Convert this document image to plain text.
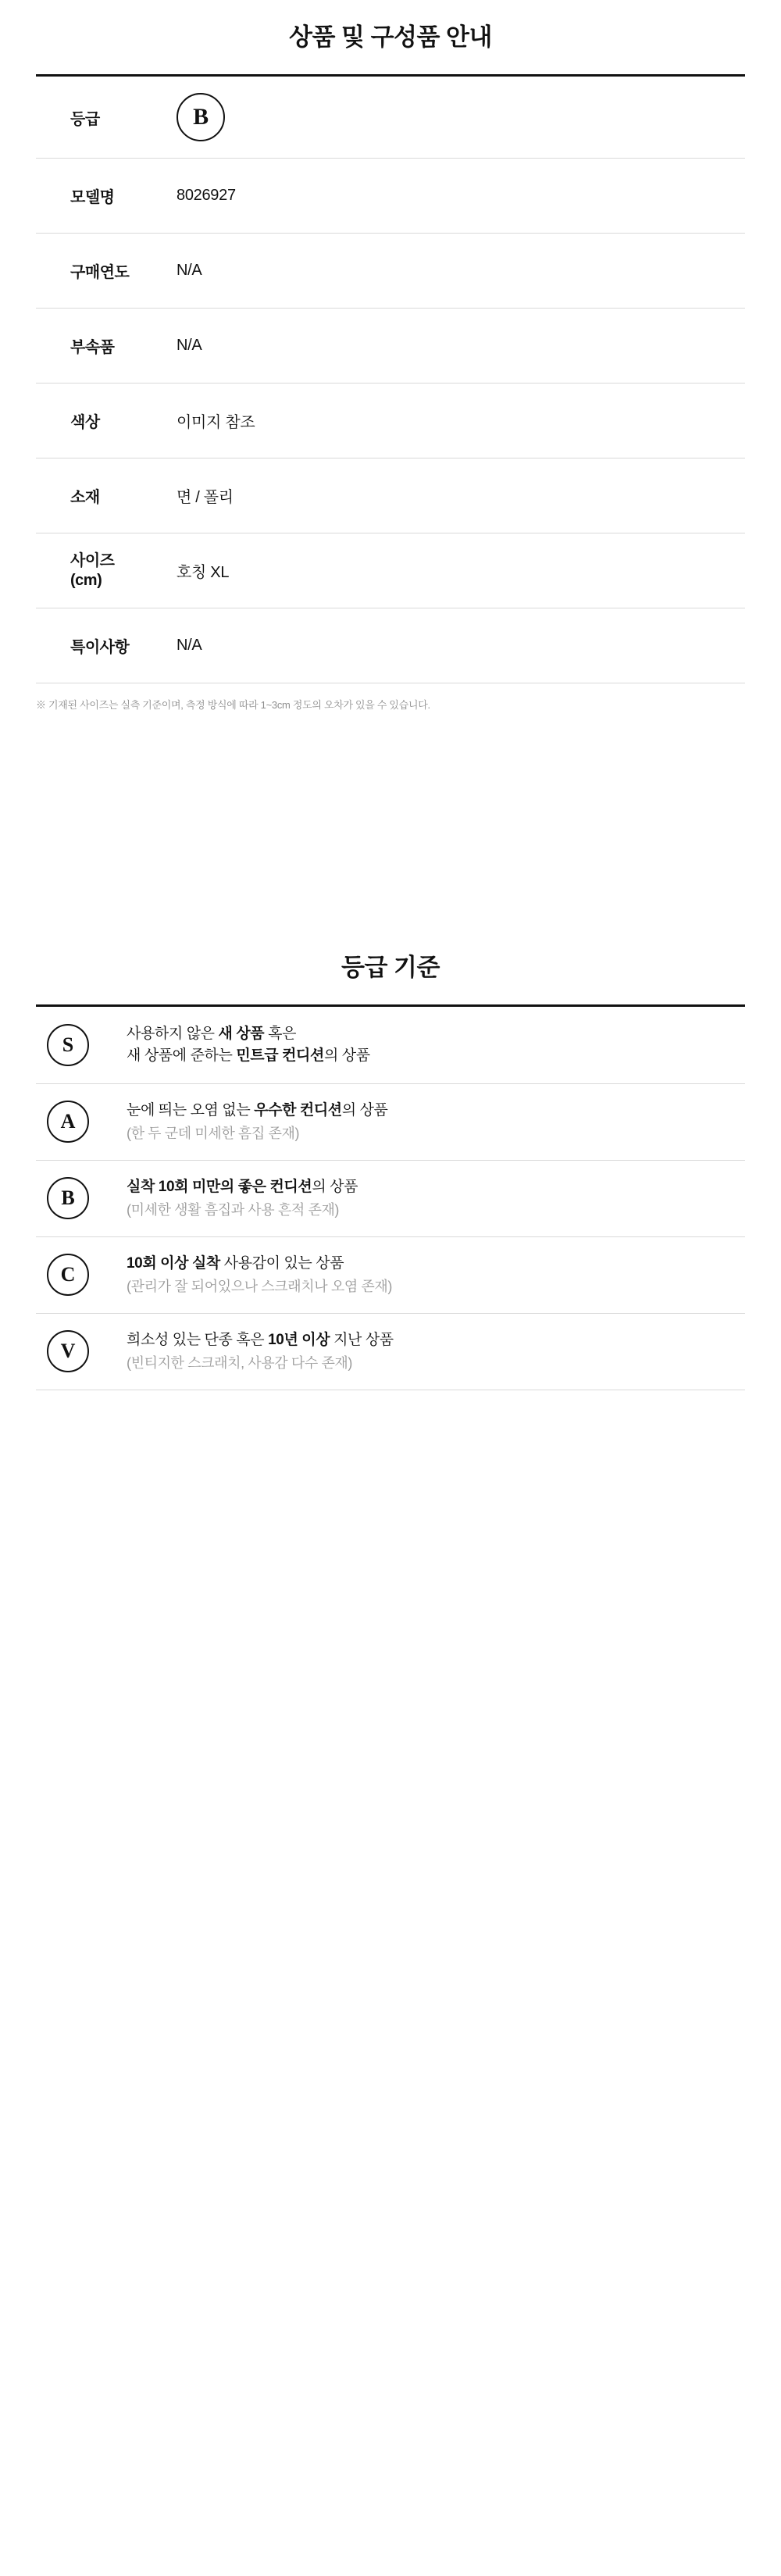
상품 및 구성품 안내
등급	B

모델명	8026927
구매연도	N/A
부속품	N/A
색상	이미지 참조
소재	면 / 폴리

사이즈
(cm)	호칭 XL
특이사항	N/A
※ 기재된 사이즈는 실측 기준이며, 측정 방식에 따라 1~3cm 정도의 오차가 있을 수 있습니다.
등급 기준
S	사용하지 않은 새 상품 혹은
새 상품에 준하는 민트급 컨디션의 상품

A	눈에 띄는 오염 없는 우수한 컨디션의 상품
(한 두 군데 미세한 흠집 존재)

B	실착 10회 미만의 좋은 컨디션의 상품
(미세한 생활 흠집과 사용 흔적 존재)

C	10회 이상 실착 사용감이 있는 상품
(관리가 잘 되어있으나 스크래치나 오염 존재)

V	희소성 있는 단종 혹은 10년 이상 지난 상품
(빈티지한 스크래치, 사용감 다수 존재)
